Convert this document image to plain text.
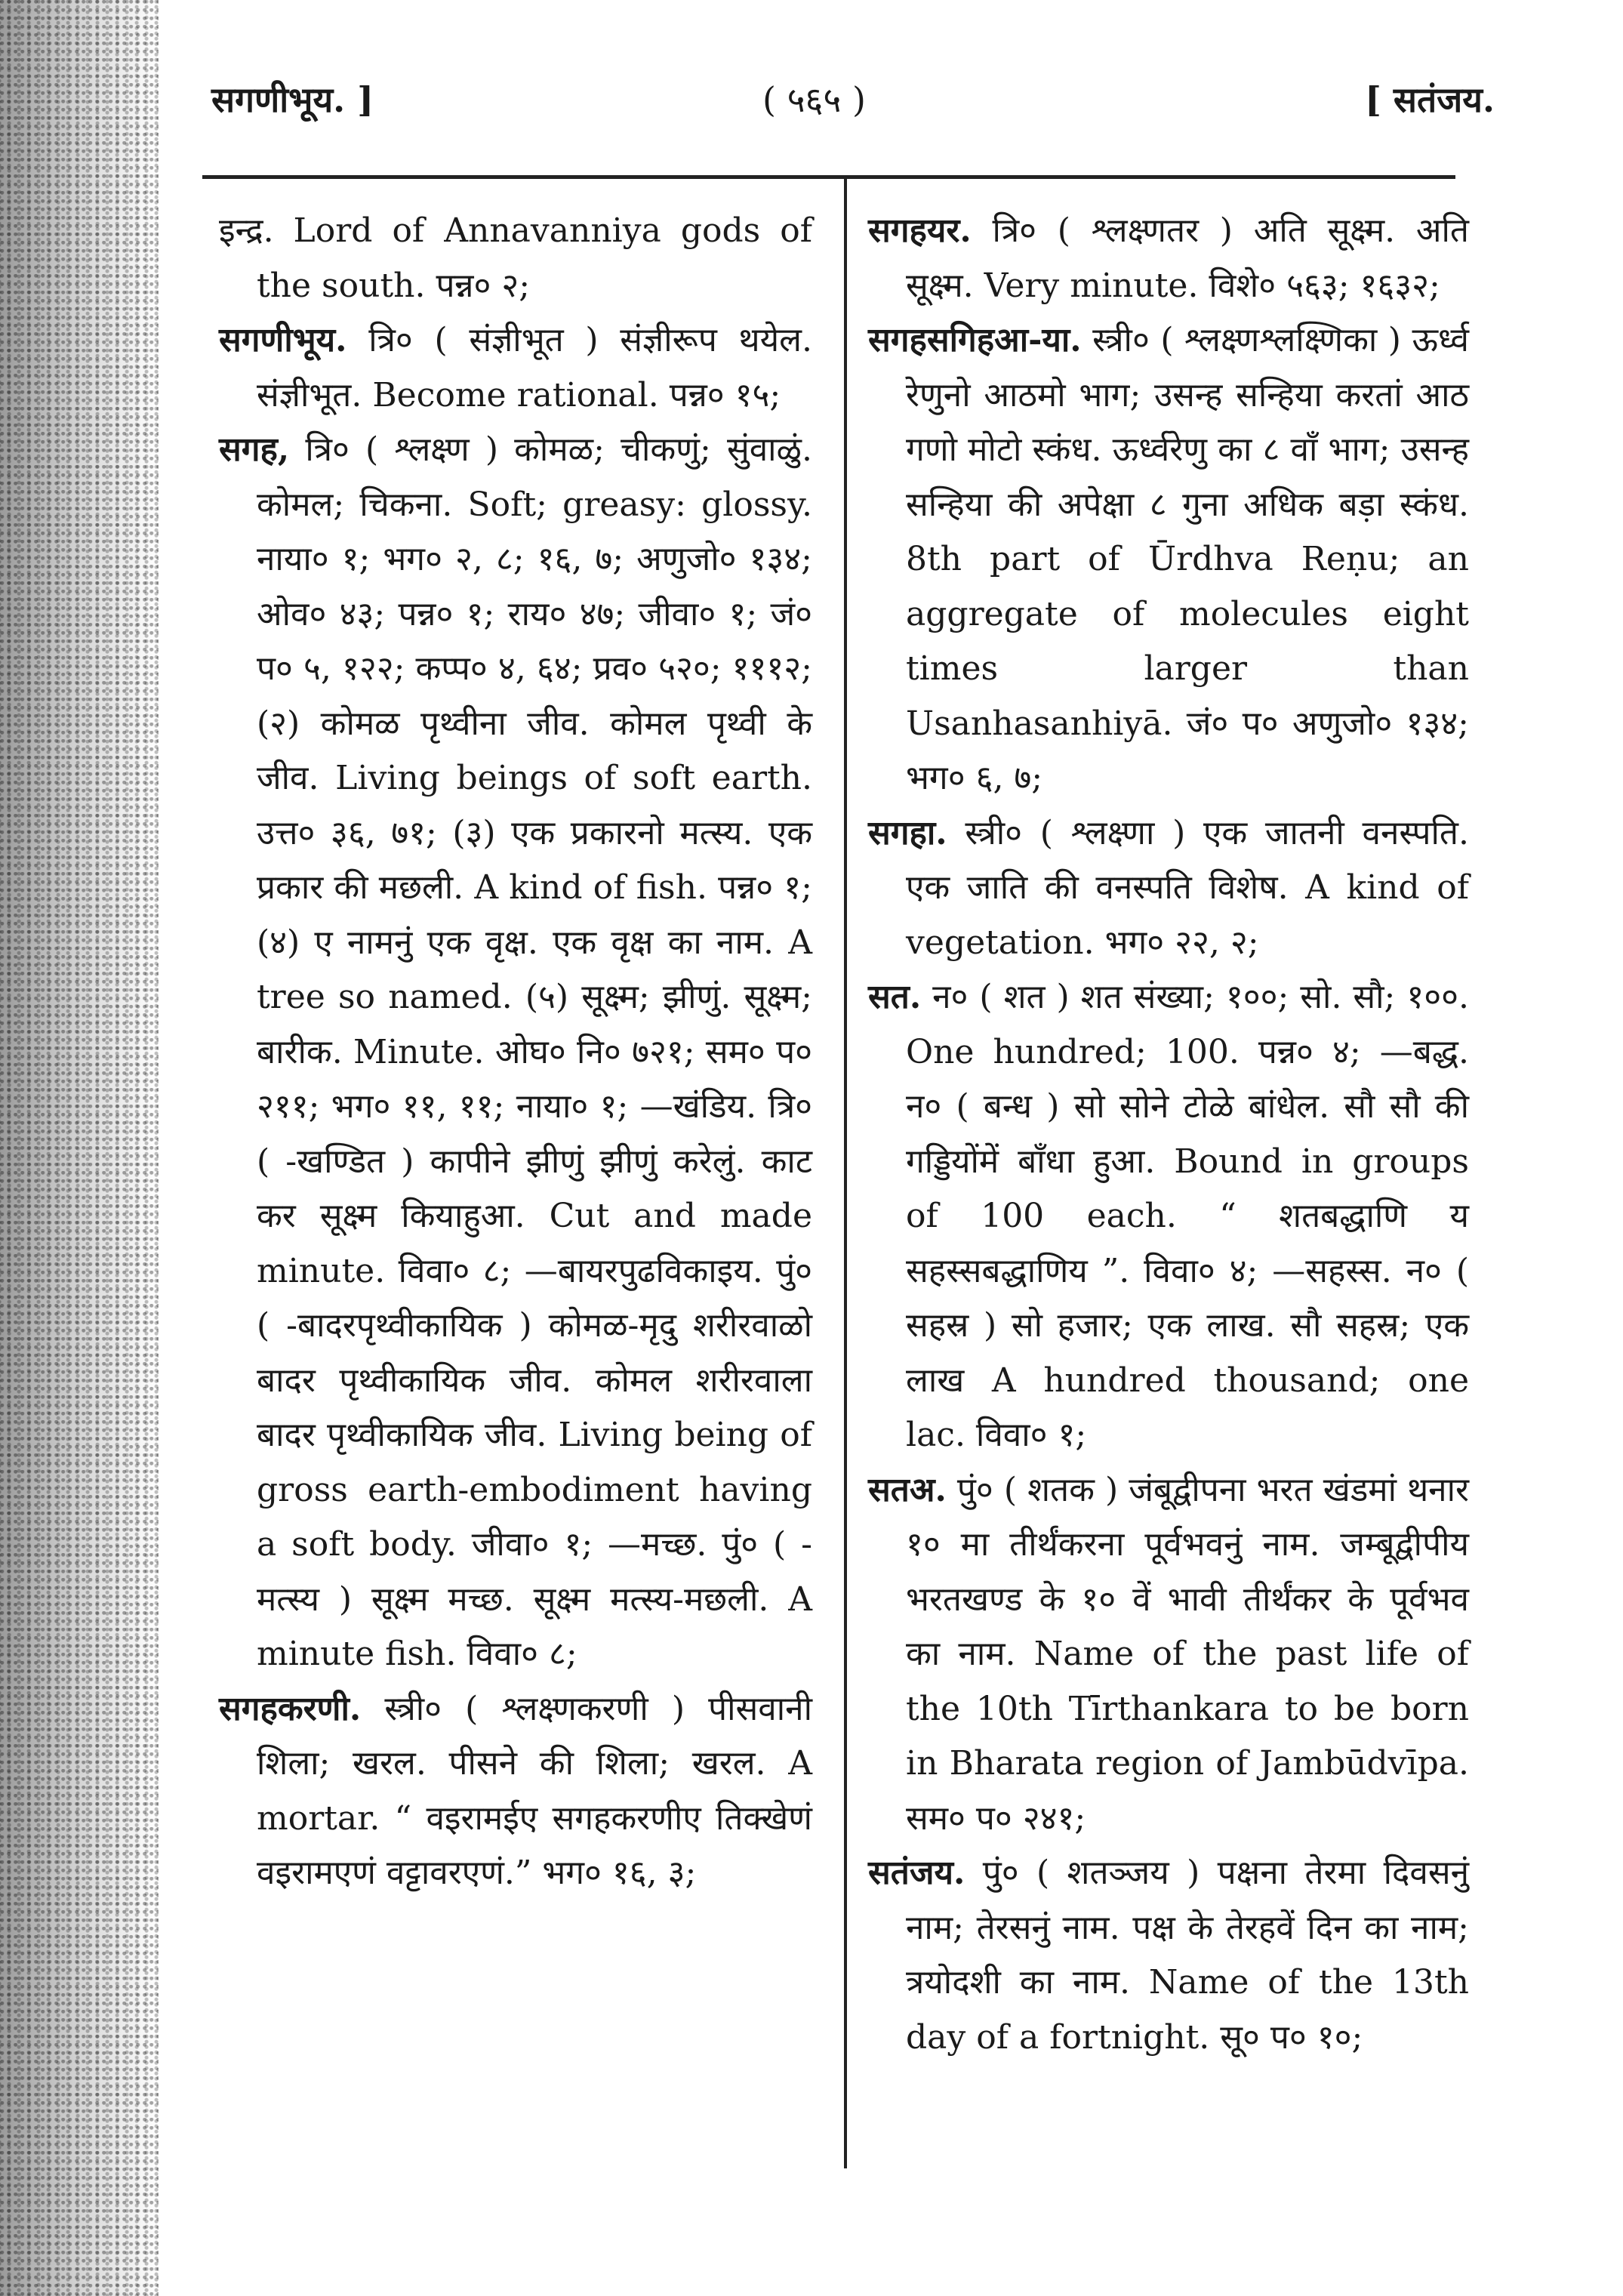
सगणीभूय. ]	( ५६५ )	[ सतंजय.

इन्द्र. Lord of Annavanniya gods of the south. पन्न० २;

सगणीभूय. त्रि० ( संज्ञीभूत ) संज्ञीरूप थयेल. संज्ञीभूत. Become rational. पन्न० १५;

सगह, त्रि० ( श्लक्ष्ण ) कोमळ; चीकणुं; सुंवाळुं. कोमल; चिकना. Soft; greasy: glossy. नाया० १; भग० २, ८; १६, ७; अणुजो० १३४; ओव० ४३; पन्न० १; राय० ४७; जीवा० १; जं० प० ५, १२२; कप्प० ४, ६४; प्रव० ५२०; १११२; (२) कोमळ पृथ्वीना जीव. कोमल पृथ्वी के जीव. Living beings of soft earth. उत्त० ३६, ७१; (३) एक प्रकारनो मत्स्य. एक प्रकार की मछली. A kind of fish. पन्न० १; (४) ए नामनुं एक वृक्ष. एक वृक्ष का नाम. A tree so named. (५) सूक्ष्म; झीणुं. सूक्ष्म; बारीक. Minute. ओघ० नि० ७२१; सम० प० २११; भग० ११, ११; नाया० १; —खंडिय. त्रि० ( -खण्डित ) कापीने झीणुं झीणुं करेलुं. काट कर सूक्ष्म कियाहुआ. Cut and made minute. विवा० ८; —बायरपुढविकाइय. पुं० ( -बादरपृथ्वीकायिक ) कोमळ-मृदु शरीरवाळो बादर पृथ्वीकायिक जीव. कोमल शरीरवाला बादर पृथ्वीकायिक जीव. Living being of gross earth-embodiment having a soft body. जीवा० १; —मच्छ. पुं० ( -मत्स्य ) सूक्ष्म मच्छ. सूक्ष्म मत्स्य-मछली. A minute fish. विवा० ८;

सगहकरणी. स्त्री० ( श्लक्ष्णकरणी ) पीसवानी शिला; खरल. पीसने की शिला; खरल. A mortar. “ वइरामईए सगहकरणीए तिक्खेणं वइरामएणं वट्टावरएणं.” भग० १६, ३;

सगहयर. त्रि० ( श्लक्ष्णतर ) अति सूक्ष्म. अति सूक्ष्म. Very minute. विशे० ५६३; १६३२;

सगहसगिहआ-या. स्त्री० ( श्लक्ष्णश्लक्ष्णिका ) ऊर्ध्व रेणुनो आठमो भाग; उसन्ह सन्हिया करतां आठ गणो मोटो स्कंध. ऊर्ध्वरेणु का ८ वाँ भाग; उसन्ह सन्हिया की अपेक्षा ८ गुना अधिक बड़ा स्कंध. 8th part of Ūrdhva Reṇu; an aggregate of molecules eight times larger than Usanhasanhiyā. जं० प० अणुजो० १३४; भग० ६, ७;

सगहा. स्त्री० ( श्लक्ष्णा ) एक जातनी वनस्पति. एक जाति की वनस्पति विशेष. A kind of vegetation. भग० २२, २;

सत. न० ( शत ) शत संख्या; १००; सो. सौ; १००. One hundred; 100. पन्न० ४; —बद्ध. न० ( बन्ध ) सो सोने टोळे बांधेल. सौ सौ की गड्डियोंमें बाँधा हुआ. Bound in groups of 100 each. “ शतबद्धाणि य सहस्सबद्धाणिय ”. विवा० ४; —सहस्स. न० ( सहस्र ) सो हजार; एक लाख. सौ सहस्र; एक लाख A hundred thousand; one lac. विवा० १;

सतअ. पुं० ( शतक ) जंबूद्वीपना भरत खंडमां थनार १० मा तीर्थंकरना पूर्वभवनुं नाम. जम्बूद्वीपीय भरतखण्ड के १० वें भावी तीर्थंकर के पूर्वभव का नाम. Name of the past life of the 10th Tīrthankara to be born in Bharata region of Jambūdvīpa. सम० प० २४१;

सतंजय. पुं० ( शतञ्जय ) पक्षना तेरमा दिवसनुं नाम; तेरसनुं नाम. पक्ष के तेरहवें दिन का नाम; त्रयोदशी का नाम. Name of the 13th day of a fortnight. सू० प० १०;
